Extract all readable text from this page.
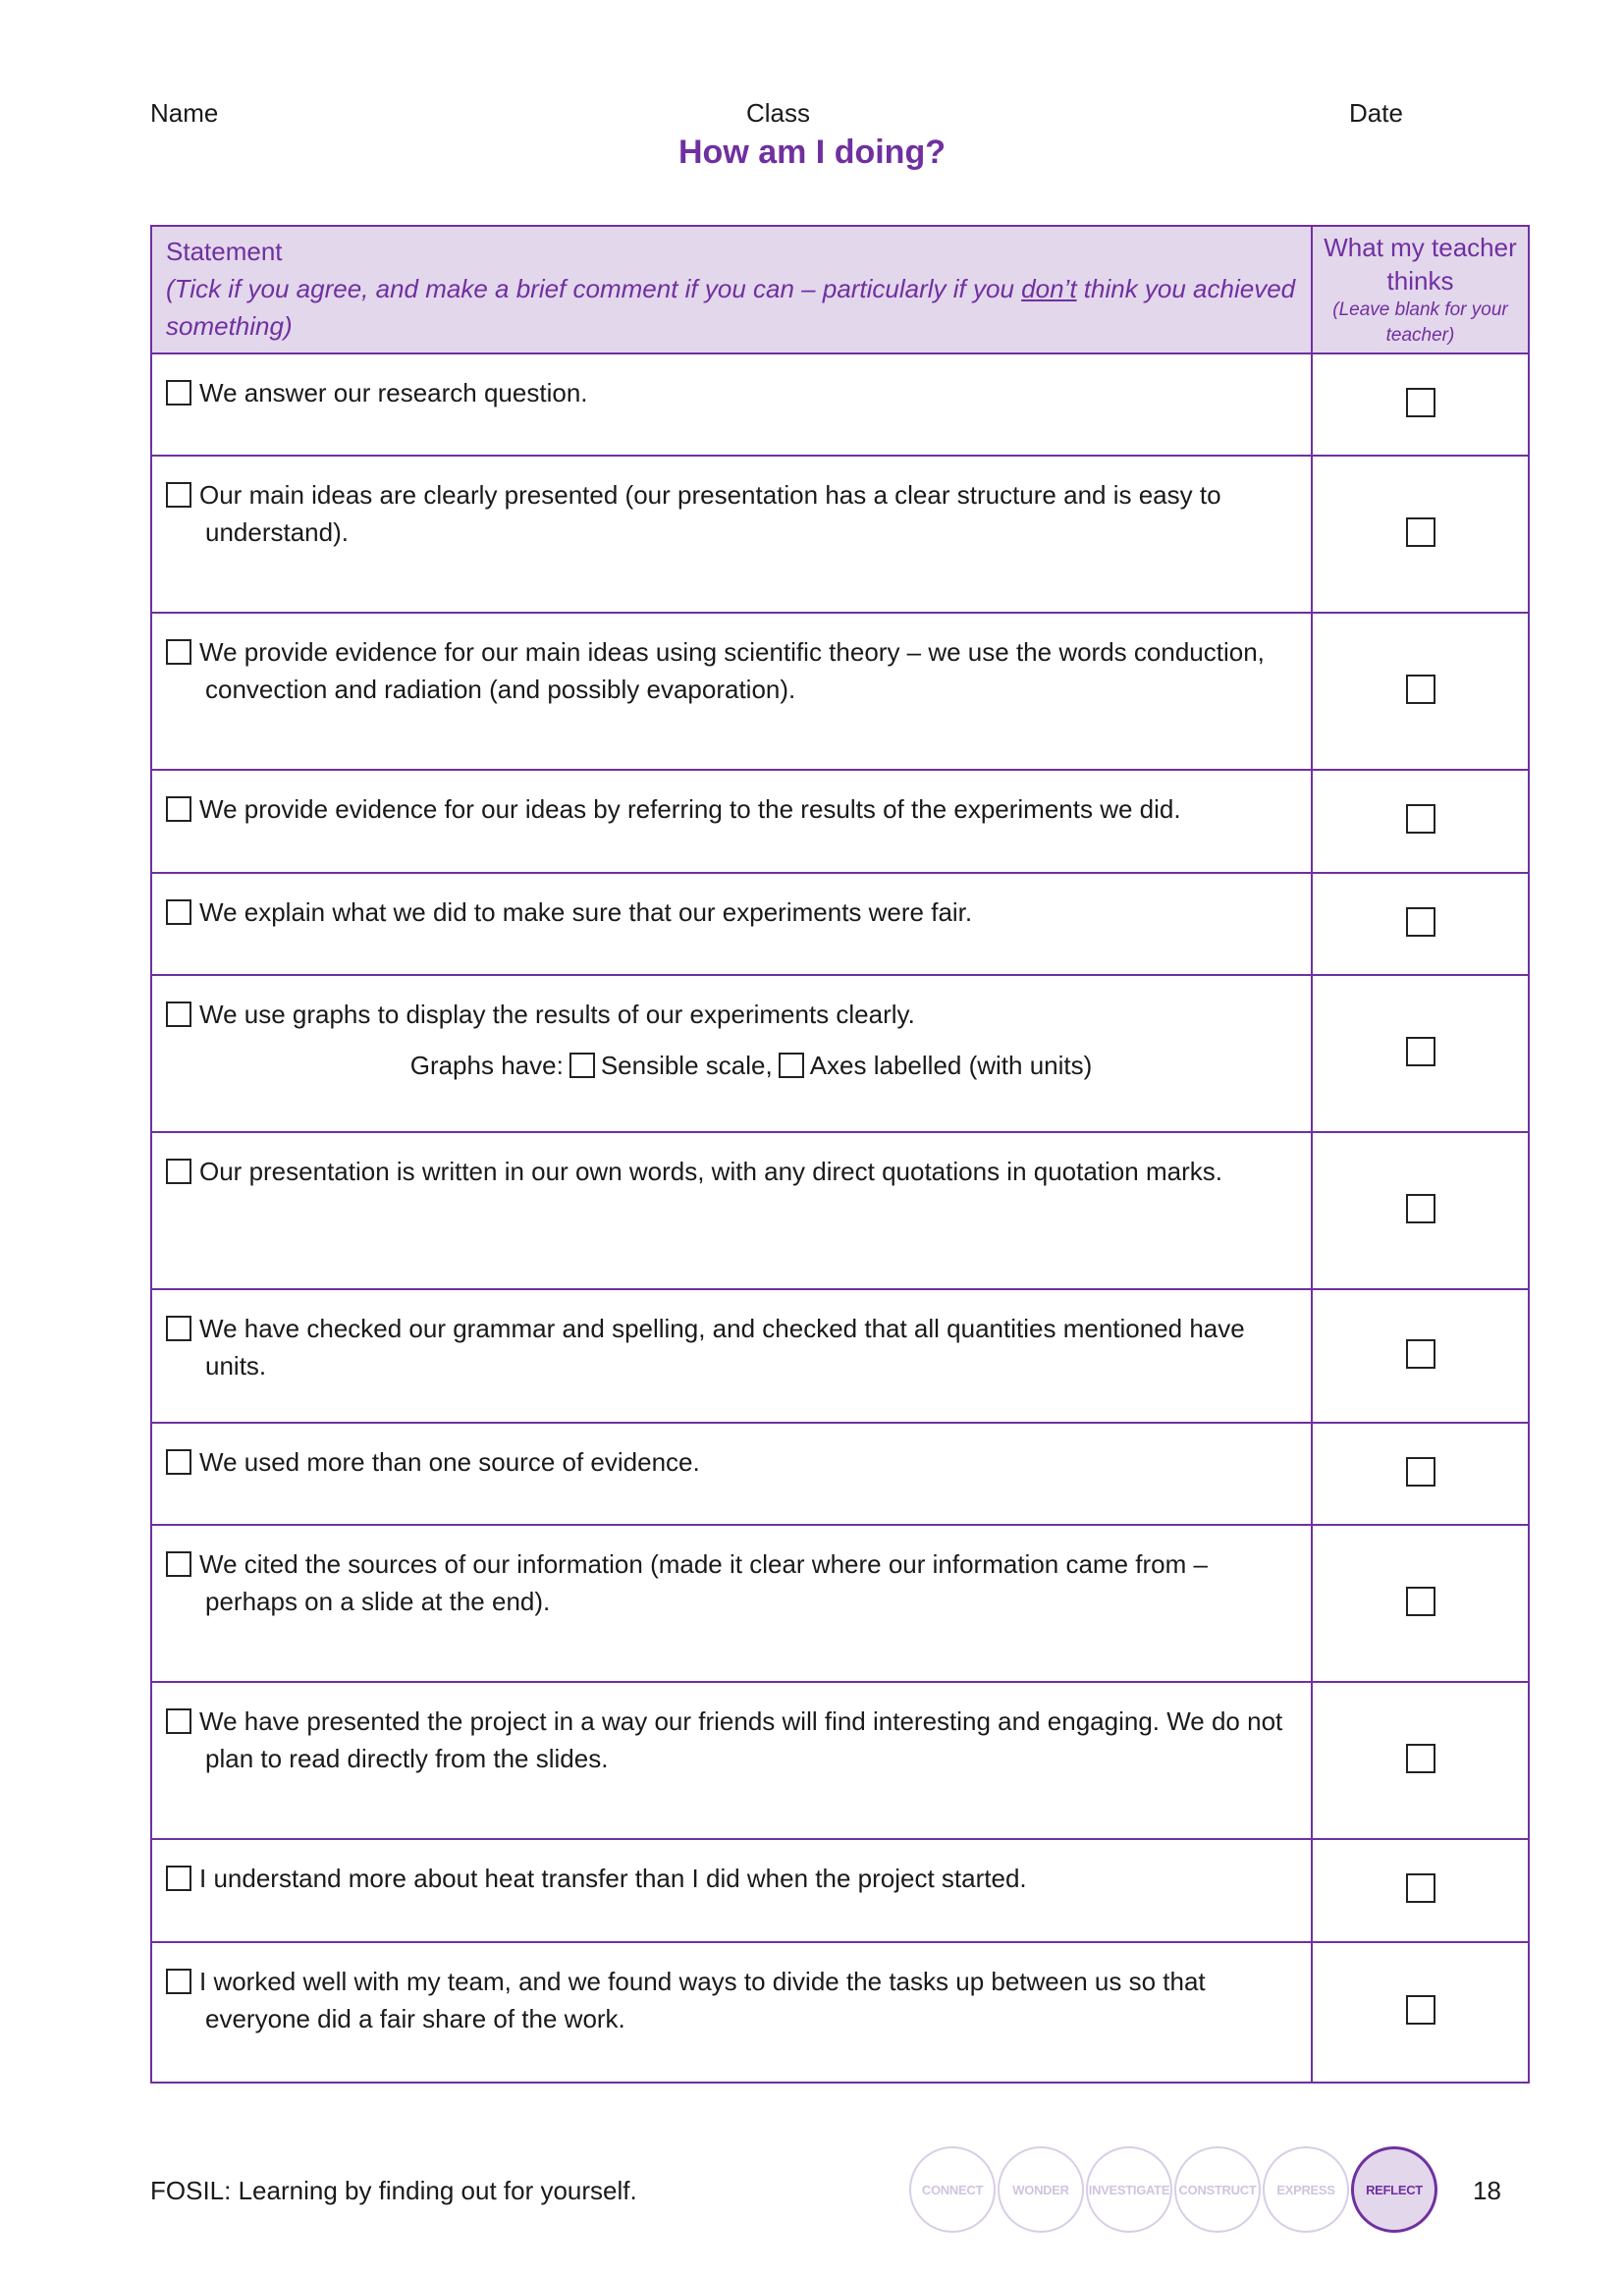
Name	Class	Date
How am I doing?
Statement
(Tick if you agree, and make a brief comment if you can – particularly if you don’t think you achieved something)	What my teacher thinks
(Leave blank for your teacher)

We answer our research question.	

Our main ideas are clearly presented (our presentation has a clear structure and is easy to understand).	

We provide evidence for our main ideas using scientific theory – we use the words conduction, convection and radiation (and possibly evaporation).	

We provide evidence for our ideas by referring to the results of the experiments we did.	

We explain what we did to make sure that our experiments were fair.	

We use graphs to display the results of our experiments clearly.
Graphs have: Sensible scale, Axes labelled (with units)	

Our presentation is written in our own words, with any direct quotations in quotation marks.	

We have checked our grammar and spelling, and checked that all quantities mentioned have units.	

We used more than one source of evidence.	

We cited the sources of our information (made it clear where our information came from – perhaps on a slide at the end).	

We have presented the project in a way our friends will find interesting and engaging. We do not plan to read directly from the slides.	

I understand more about heat transfer than I did when the project started.	

I worked well with my team, and we found ways to divide the tasks up between us so that everyone did a fair share of the work.	

FOSIL: Learning by finding out for yourself.	CONNECT	WONDER	INVESTIGATE CONSTRUCT	EXPRESS	REFLECT	18
